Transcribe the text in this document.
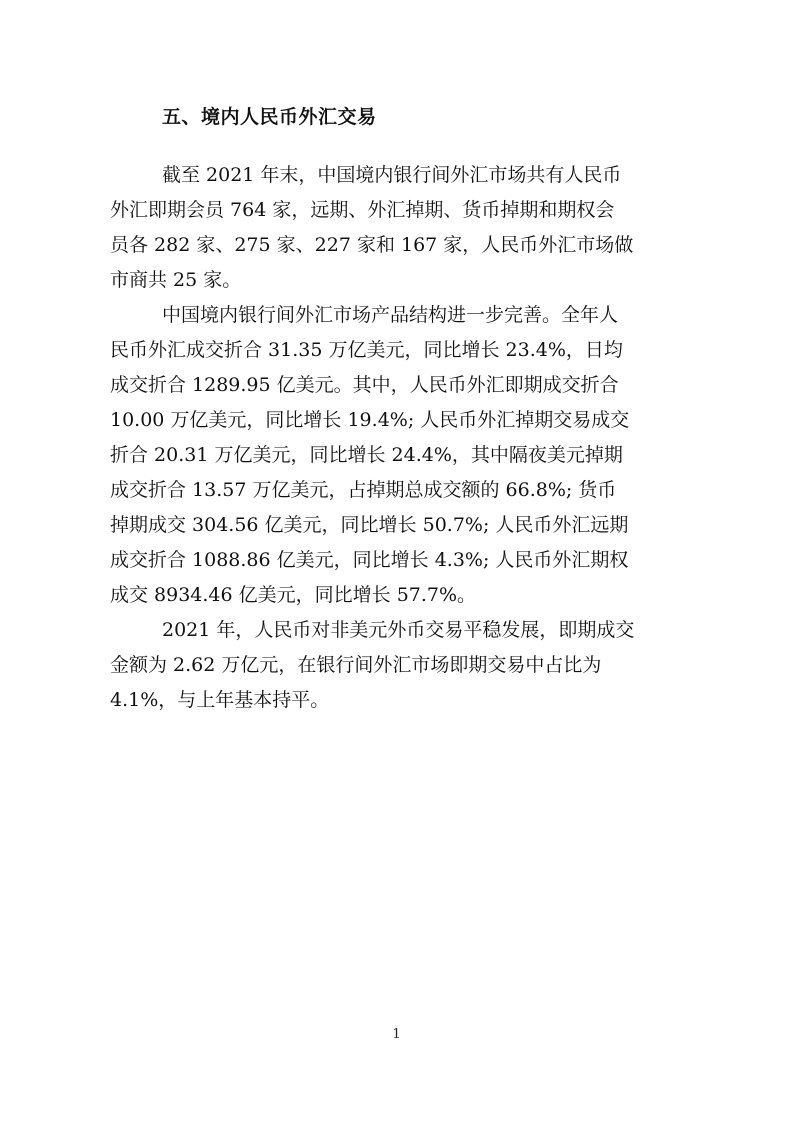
五、境内人民币外汇交易

截至 2021 年末，中国境内银行间外汇市场共有人民币
外汇即期会员 764 家，远期、外汇掉期、货币掉期和期权会
员各 282 家、275 家、227 家和 167 家，人民币外汇市场做
市商共 25 家。

中国境内银行间外汇市场产品结构进一步完善。全年人
民币外汇成交折合 31.35 万亿美元，同比增长 23.4%，日均
成交折合 1289.95 亿美元。其中，人民币外汇即期成交折合
10.00 万亿美元，同比增长 19.4%; 人民币外汇掉期交易成交
折合 20.31 万亿美元，同比增长 24.4%，其中隔夜美元掉期
成交折合 13.57 万亿美元，占掉期总成交额的 66.8%; 货币
掉期成交 304.56 亿美元，同比增长 50.7%; 人民币外汇远期
成交折合 1088.86 亿美元，同比增长 4.3%; 人民币外汇期权
成交 8934.46 亿美元，同比增长 57.7%。

2021 年，人民币对非美元外币交易平稳发展，即期成交
金额为 2.62 万亿元，在银行间外汇市场即期交易中占比为
4.1%，与上年基本持平。

1
